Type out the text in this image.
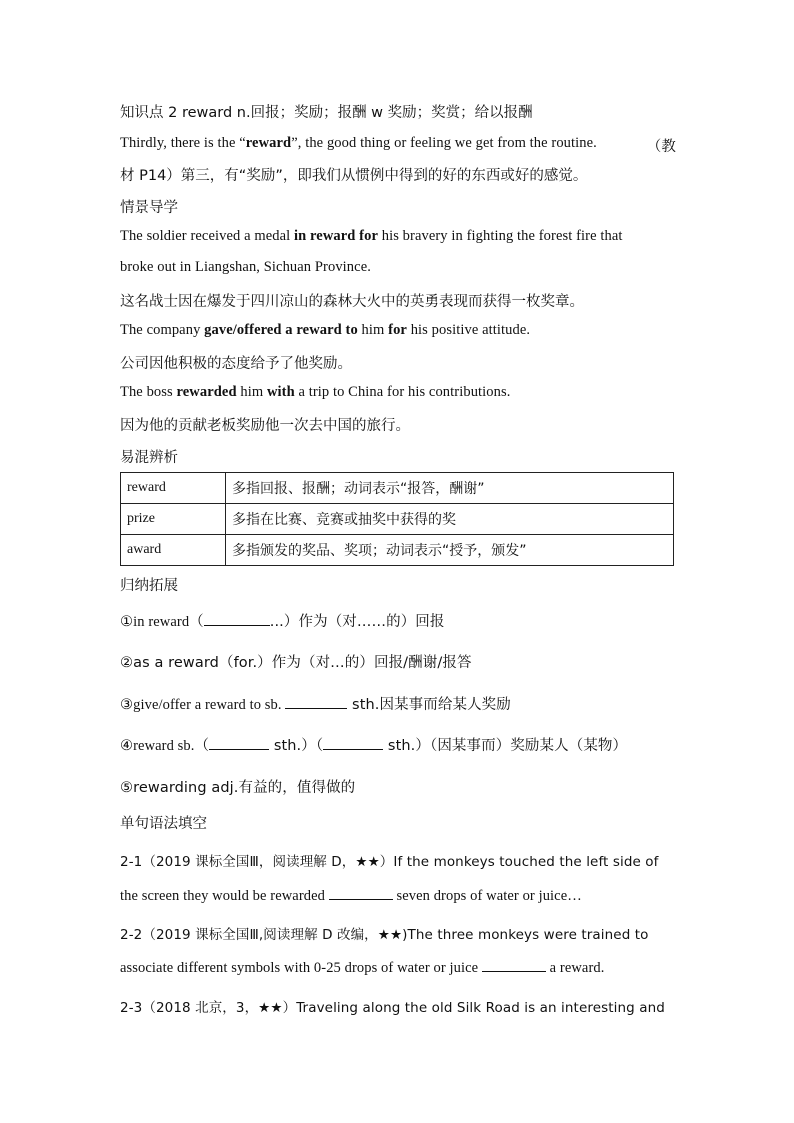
知识点 2 reward n.回报；奖励；报酬 w 奖励；奖赏；给以报酬
Thirdly, there is the “reward”, the good thing or feeling we get from the routine.	（教
材 P14）第三，有“奖励”，即我们从惯例中得到的好的东西或好的感觉。
情景导学
The soldier received a medal in reward for his bravery in fighting the forest fire that
broke out in Liangshan, Sichuan Province.
这名战士因在爆发于四川凉山的森林大火中的英勇表现而获得一枚奖章。
The company gave/offered a reward to him for his positive attitude.
公司因他积极的态度给予了他奖励。
The boss rewarded him with a trip to China for his contributions.
因为他的贡献老板奖励他一次去中国的旅行。
易混辨析
reward	多指回报、报酬；动词表示“报答，酬谢”
prize	多指在比赛、竞赛或抽奖中获得的奖
award	多指颁发的奖品、奖项；动词表示“授予，颁发”
归纳拓展
①in reward（	...）作为（对……的）回报
②as a reward（for.）作为（对…的）回报/酬谢/报答
③give/offer a reward to sb.	sth.因某事而给某人奖励
④reward sb.（	sth.）（	sth.）（因某事而）奖励某人（某物）
⑤rewarding adj.有益的，值得做的
单句语法填空
2-1（2019 课标全国Ⅲ，阅读理解 D，★★）If the monkeys touched the left side of
the screen they would be rewarded	seven drops of water or juice…
2-2（2019 课标全国Ⅲ,阅读理解 D 改编，★★)The three monkeys were trained to
associate different symbols with 0-25 drops of water or juice	a reward.
2-3（2018 北京，3，★★）Traveling along the old Silk Road is an interesting and
